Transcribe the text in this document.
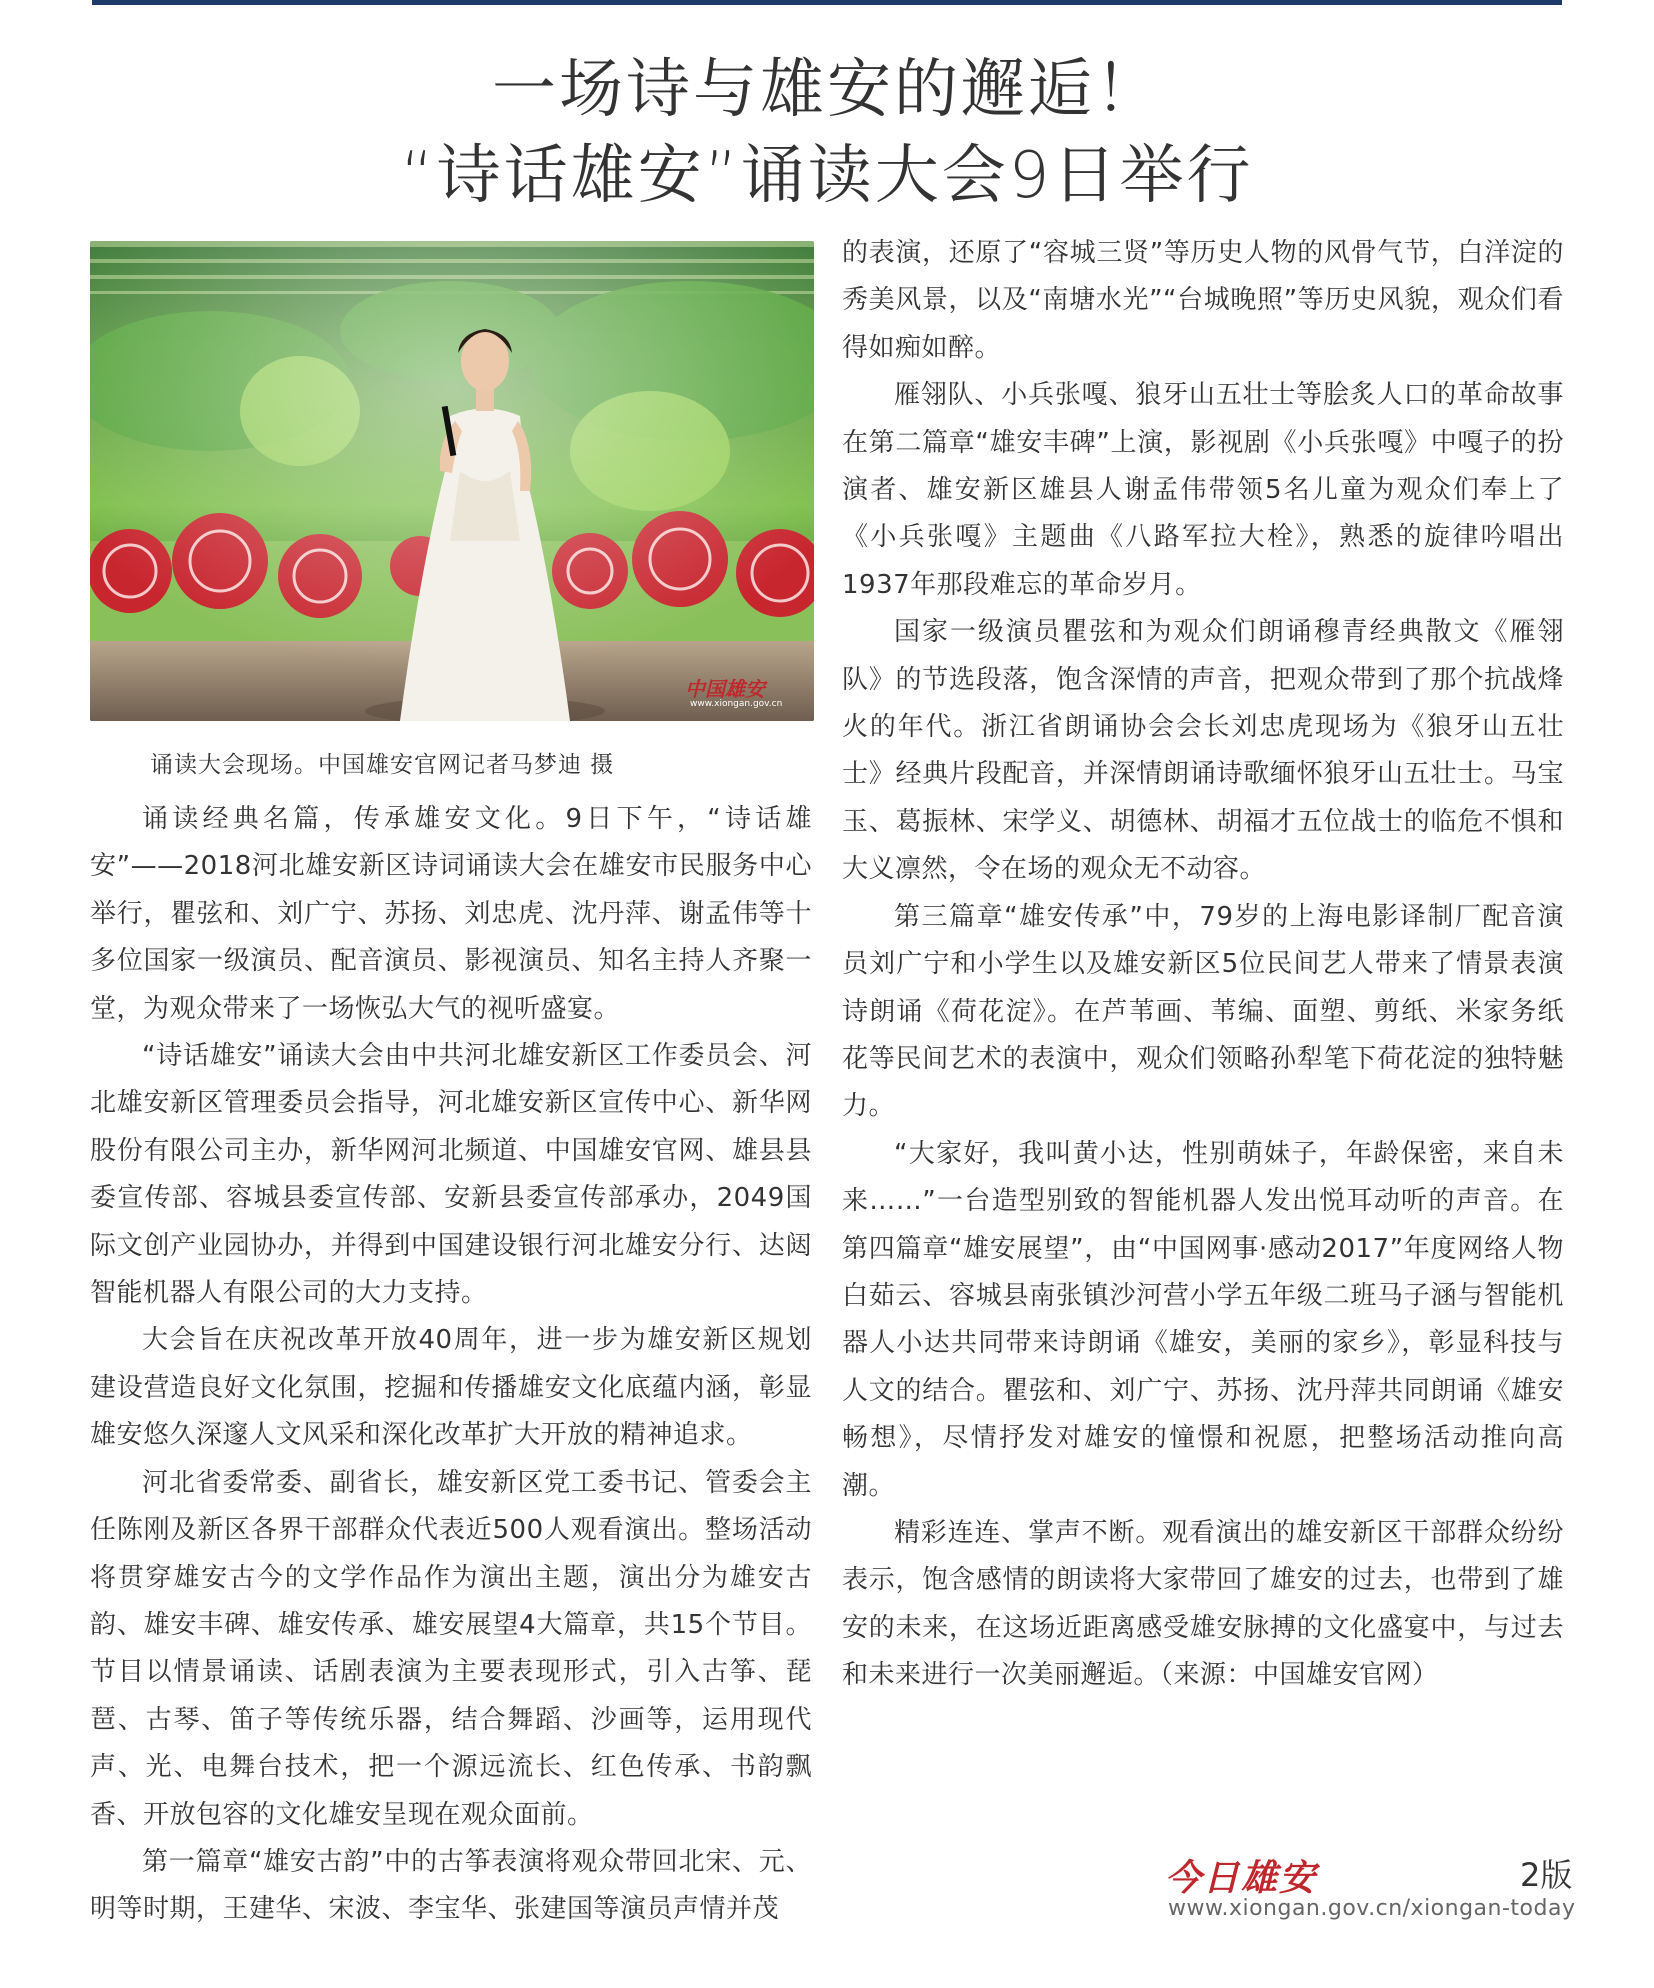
一场诗与雄安的邂逅！
“诗话雄安”诵读大会9日举行
中国雄安
www.xiongan.gov.cn
诵读大会现场。中国雄安官网记者马梦迪 摄

诵读经典名篇，传承雄安文化。9日下午，“诗话雄安”——2018河北雄安新区诗词诵读大会在雄安市民服务中心举行，瞿弦和、刘广宁、苏扬、刘忠虎、沈丹萍、谢孟伟等十多位国家一级演员、配音演员、影视演员、知名主持人齐聚一堂，为观众带来了一场恢弘大气的视听盛宴。

“诗话雄安”诵读大会由中共河北雄安新区工作委员会、河北雄安新区管理委员会指导，河北雄安新区宣传中心、新华网股份有限公司主办，新华网河北频道、中国雄安官网、雄县县委宣传部、容城县委宣传部、安新县委宣传部承办，2049国际文创产业园协办，并得到中国建设银行河北雄安分行、达闼智能机器人有限公司的大力支持。

大会旨在庆祝改革开放40周年，进一步为雄安新区规划建设营造良好文化氛围，挖掘和传播雄安文化底蕴内涵，彰显雄安悠久深邃人文风采和深化改革扩大开放的精神追求。

河北省委常委、副省长，雄安新区党工委书记、管委会主任陈刚及新区各界干部群众代表近500人观看演出。整场活动将贯穿雄安古今的文学作品作为演出主题，演出分为雄安古韵、雄安丰碑、雄安传承、雄安展望4大篇章，共15个节目。节目以情景诵读、话剧表演为主要表现形式，引入古筝、琵琶、古琴、笛子等传统乐器，结合舞蹈、沙画等，运用现代声、光、电舞台技术，把一个源远流长、红色传承、书韵飘香、开放包容的文化雄安呈现在观众面前。

第一篇章“雄安古韵”中的古筝表演将观众带回北宋、元、明等时期，王建华、宋波、李宝华、张建国等演员声情并茂

的表演，还原了“容城三贤”等历史人物的风骨气节，白洋淀的秀美风景，以及“南塘水光”“台城晚照”等历史风貌，观众们看得如痴如醉。

雁翎队、小兵张嘎、狼牙山五壮士等脍炙人口的革命故事在第二篇章“雄安丰碑”上演，影视剧《小兵张嘎》中嘎子的扮演者、雄安新区雄县人谢孟伟带领5名儿童为观众们奉上了《小兵张嘎》主题曲《八路军拉大栓》，熟悉的旋律吟唱出1937年那段难忘的革命岁月。

国家一级演员瞿弦和为观众们朗诵穆青经典散文《雁翎队》的节选段落，饱含深情的声音，把观众带到了那个抗战烽火的年代。浙江省朗诵协会会长刘忠虎现场为《狼牙山五壮士》经典片段配音，并深情朗诵诗歌缅怀狼牙山五壮士。马宝玉、葛振林、宋学义、胡德林、胡福才五位战士的临危不惧和大义凛然，令在场的观众无不动容。

第三篇章“雄安传承”中，79岁的上海电影译制厂配音演员刘广宁和小学生以及雄安新区5位民间艺人带来了情景表演诗朗诵《荷花淀》。在芦苇画、苇编、面塑、剪纸、米家务纸花等民间艺术的表演中，观众们领略孙犁笔下荷花淀的独特魅力。

“大家好，我叫黄小达，性别萌妹子，年龄保密，来自未来……”一台造型别致的智能机器人发出悦耳动听的声音。在第四篇章“雄安展望”，由“中国网事·感动2017”年度网络人物白茹云、容城县南张镇沙河营小学五年级二班马子涵与智能机器人小达共同带来诗朗诵《雄安，美丽的家乡》，彰显科技与人文的结合。瞿弦和、刘广宁、苏扬、沈丹萍共同朗诵《雄安畅想》，尽情抒发对雄安的憧憬和祝愿，把整场活动推向高潮。

精彩连连、掌声不断。观看演出的雄安新区干部群众纷纷表示，饱含感情的朗读将大家带回了雄安的过去，也带到了雄安的未来，在这场近距离感受雄安脉搏的文化盛宴中，与过去和未来进行一次美丽邂逅。（来源：中国雄安官网）

今日雄安	2版
www.xiongan.gov.cn/xiongan-today
